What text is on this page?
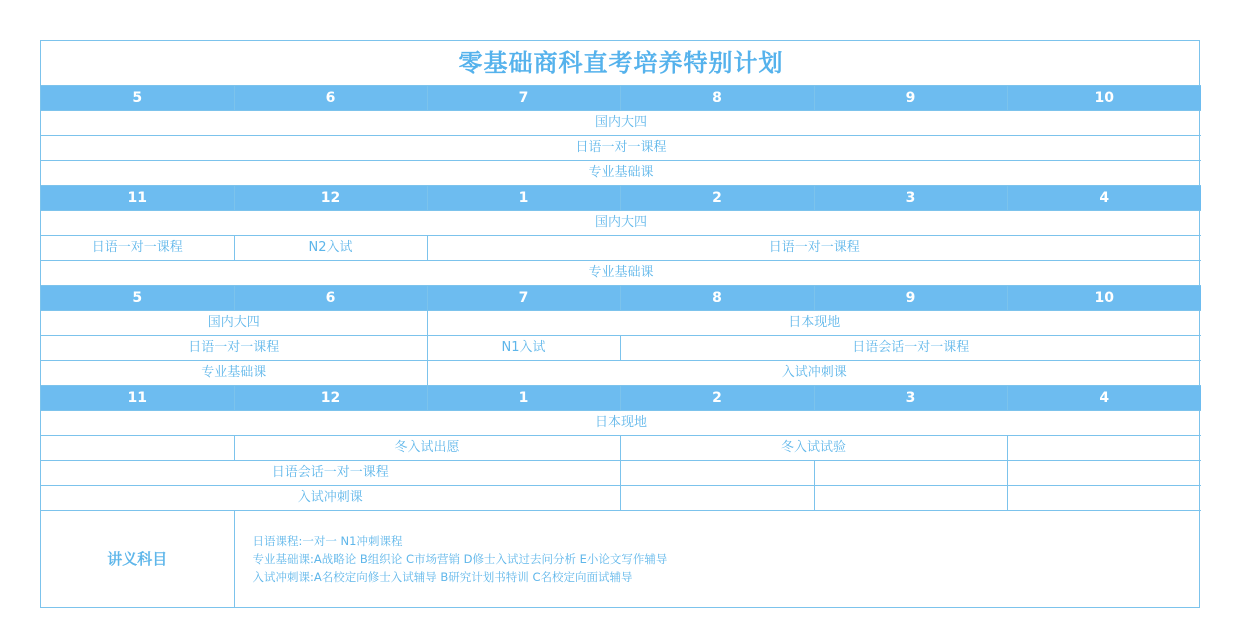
零基础商科直考培养特别计划					
5	6	7	8	9	10
国内大四					
日语一对一课程					
专业基础课					
11	12	1	2	3	4
国内大四					
日语一对一课程	N2入试	日语一对一课程			
专业基础课					
5	6	7	8	9	10
国内大四		日本现地			
日语一对一课程		N1入试	日语会话一对一课程		
专业基础课		入试冲刺课			
11	12	1	2	3	4
日本现地					
	冬入试出愿		冬入试试验		
日语会话一对一课程					
入试冲刺课					
讲义科目	日语课程:一对一 N1冲刺课程
专业基础课:A战略论 B组织论 C市场营销 D修士入试过去问分析 E小论文写作辅导
入试冲刺课:A名校定向修士入试辅导 B研究计划书特训 C名校定向面试辅导				
